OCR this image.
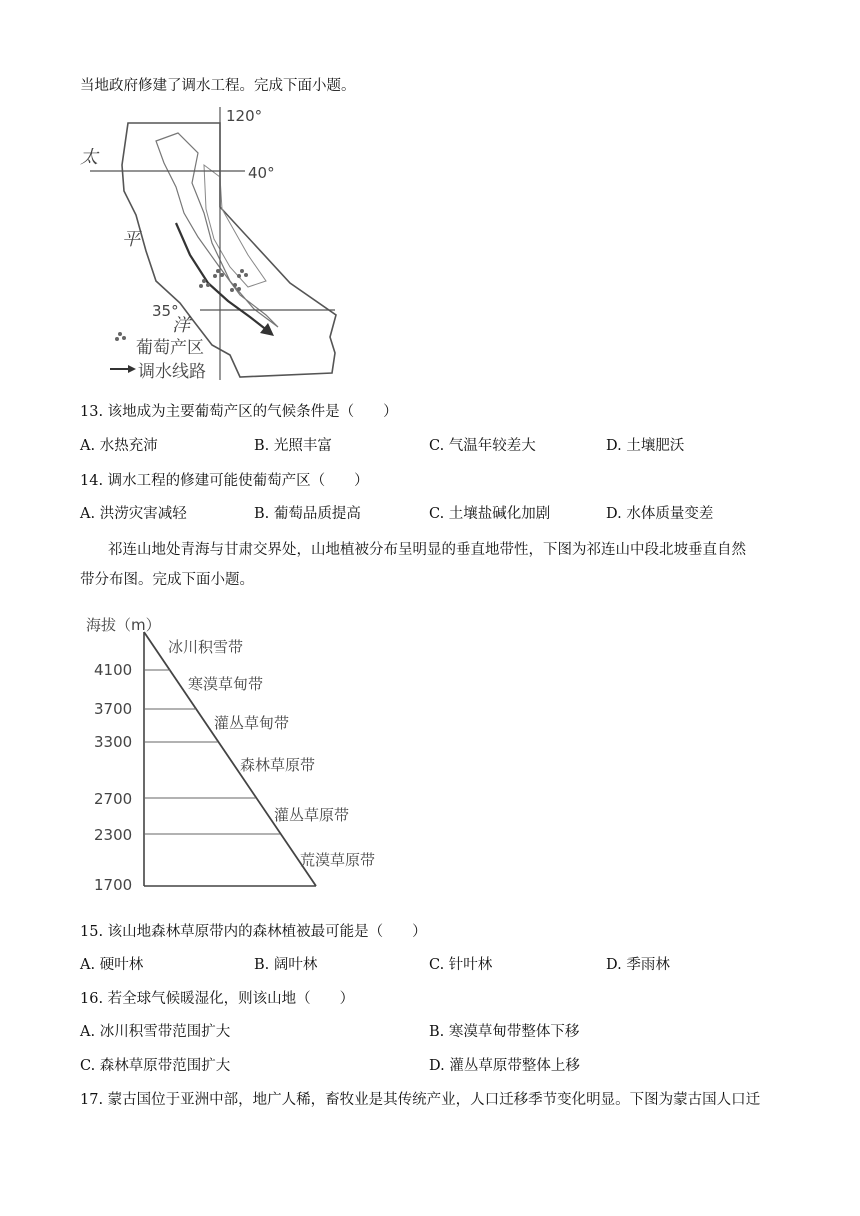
当地政府修建了调水工程。完成下面小题。
120°
40°
35°
太
平
洋
葡萄产区
调水线路
13. 该地成为主要葡萄产区的气候条件是（　　）
A. 水热充沛	B. 光照丰富	C. 气温年较差大	D. 土壤肥沃
14. 调水工程的修建可能使葡萄产区（　　）
A. 洪涝灾害减轻	B. 葡萄品质提高	C. 土壤盐碱化加剧	D. 水体质量变差
祁连山地处青海与甘肃交界处，山地植被分布呈明显的垂直地带性，下图为祁连山中段北坡垂直自然
带分布图。完成下面小题。
海拔（m）
4100
3700
3300
2700
2300
1700
冰川积雪带
寒漠草甸带
灌丛草甸带
森林草原带
灌丛草原带
荒漠草原带
15. 该山地森林草原带内的森林植被最可能是（　　）
A. 硬叶林	B. 阔叶林	C. 针叶林	D. 季雨林
16. 若全球气候暖湿化，则该山地（　　）
A. 冰川积雪带范围扩大	B. 寒漠草甸带整体下移
C. 森林草原带范围扩大	D. 灌丛草原带整体上移
17. 蒙古国位于亚洲中部，地广人稀，畜牧业是其传统产业，人口迁移季节变化明显。下图为蒙古国人口迁
